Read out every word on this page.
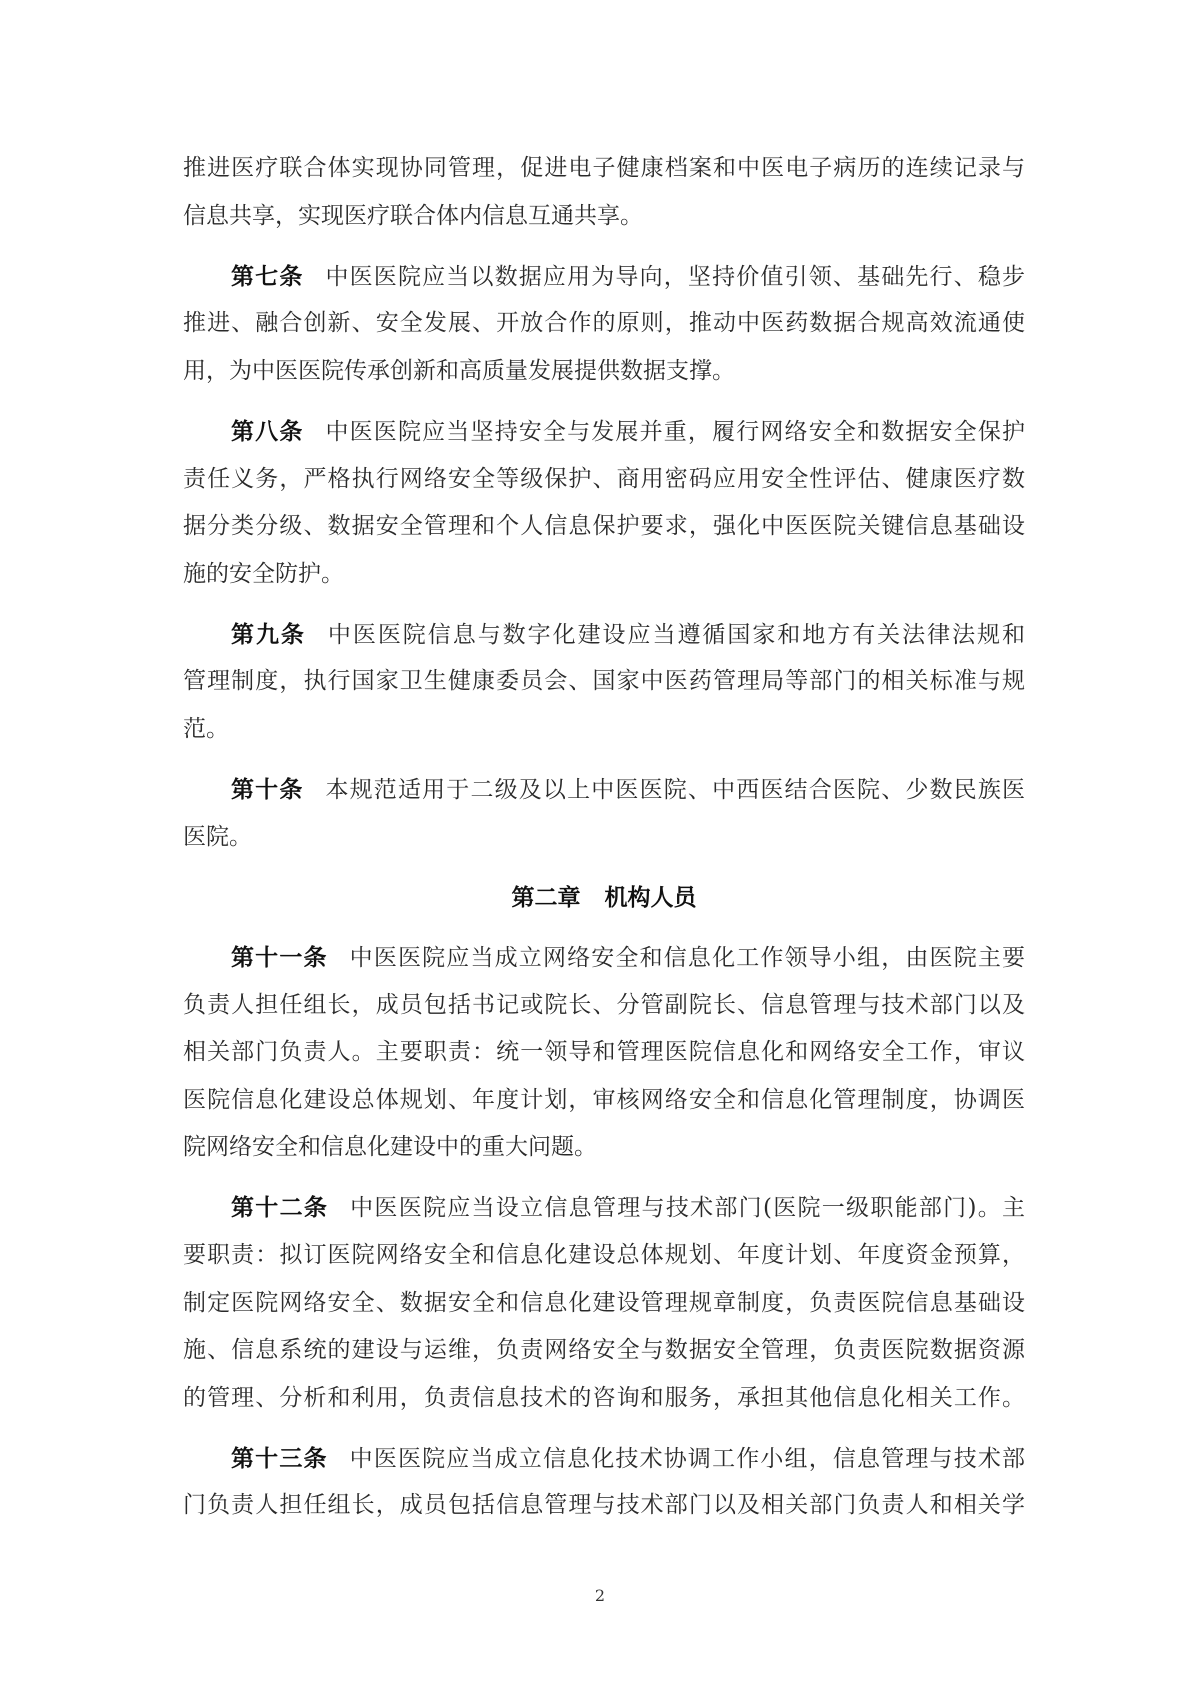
推进医疗联合体实现协同管理，促进电子健康档案和中医电子病历的连续记录与
信息共享，实现医疗联合体内信息互通共享。
第七条 中医医院应当以数据应用为导向，坚持价值引领、基础先行、稳步
推进、融合创新、安全发展、开放合作的原则，推动中医药数据合规高效流通使
用，为中医医院传承创新和高质量发展提供数据支撑。
第八条 中医医院应当坚持安全与发展并重，履行网络安全和数据安全保护
责任义务，严格执行网络安全等级保护、商用密码应用安全性评估、健康医疗数
据分类分级、数据安全管理和个人信息保护要求，强化中医医院关键信息基础设
施的安全防护。
第九条 中医医院信息与数字化建设应当遵循国家和地方有关法律法规和
管理制度，执行国家卫生健康委员会、国家中医药管理局等部门的相关标准与规
范。
第十条 本规范适用于二级及以上中医医院、中西医结合医院、少数民族医
医院。
第二章 机构人员
第十一条 中医医院应当成立网络安全和信息化工作领导小组，由医院主要
负责人担任组长，成员包括书记或院长、分管副院长、信息管理与技术部门以及
相关部门负责人。主要职责：统一领导和管理医院信息化和网络安全工作，审议
医院信息化建设总体规划、年度计划，审核网络安全和信息化管理制度，协调医
院网络安全和信息化建设中的重大问题。
第十二条 中医医院应当设立信息管理与技术部门(医院一级职能部门)。主
要职责：拟订医院网络安全和信息化建设总体规划、年度计划、年度资金预算，
制定医院网络安全、数据安全和信息化建设管理规章制度，负责医院信息基础设
施、信息系统的建设与运维，负责网络安全与数据安全管理，负责医院数据资源
的管理、分析和利用，负责信息技术的咨询和服务，承担其他信息化相关工作。
第十三条 中医医院应当成立信息化技术协调工作小组，信息管理与技术部
门负责人担任组长，成员包括信息管理与技术部门以及相关部门负责人和相关学
2
